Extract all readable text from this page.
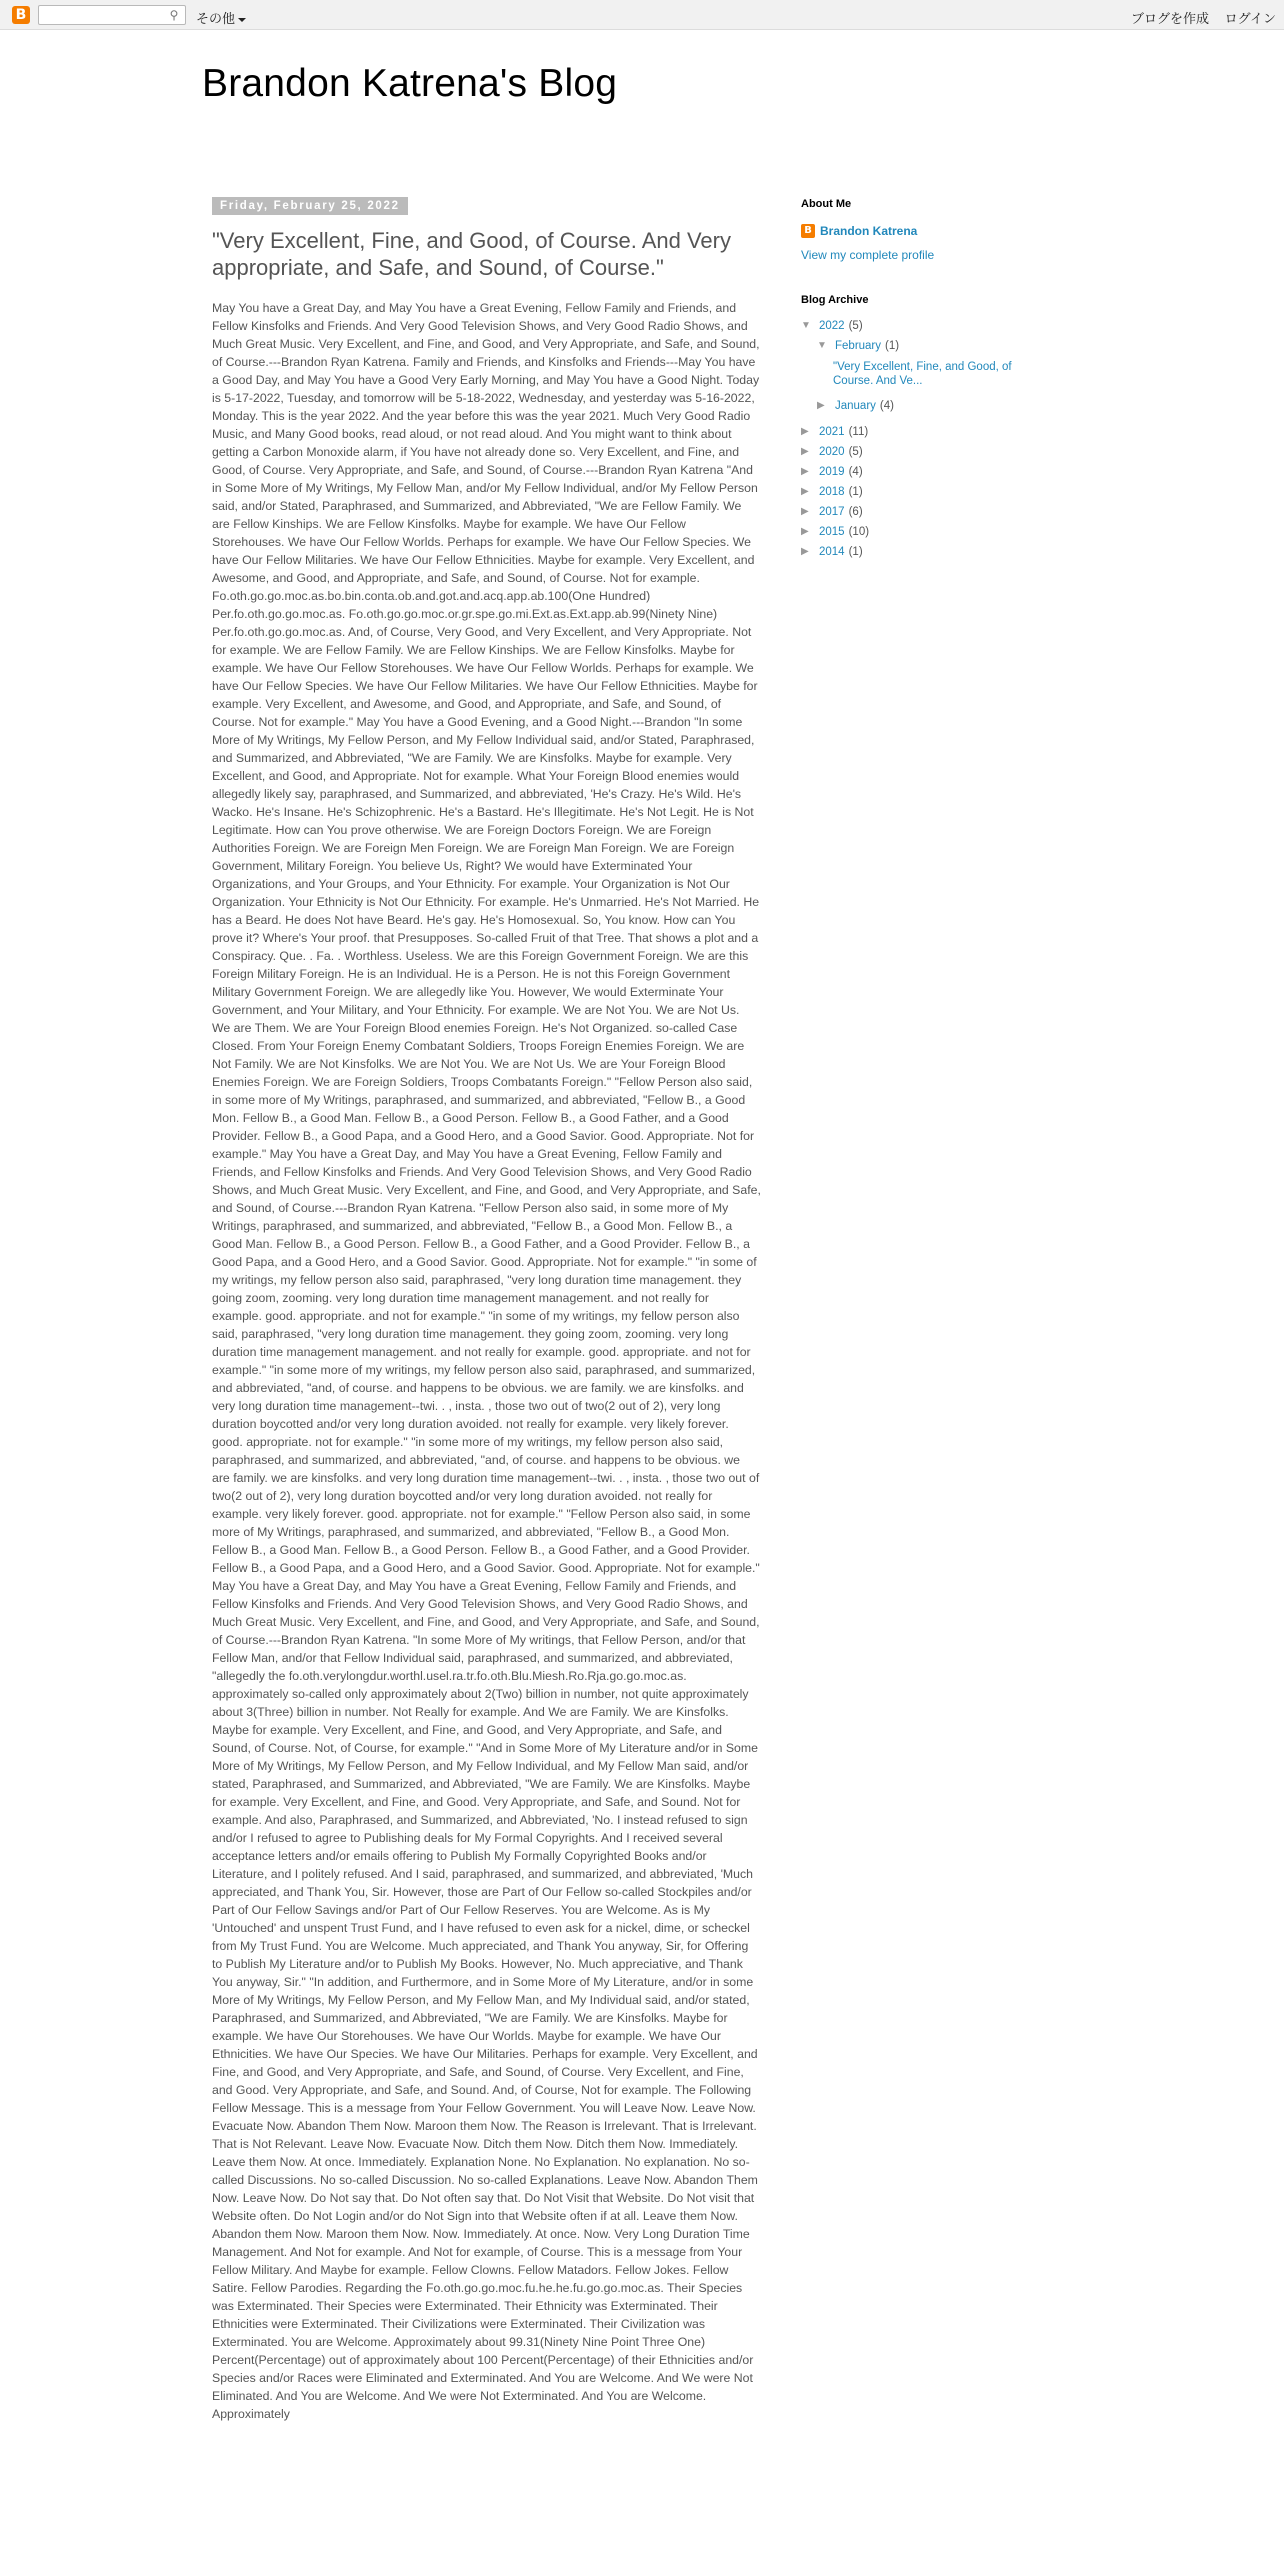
B	⚲	その他	ブログを作成 ログイン
Brandon Katrena's Blog
Friday, February 25, 2022
"Very Excellent, Fine, and Good, of Course. And Very appropriate, and Safe, and Sound, of Course."
May You have a Great Day, and May You have a Great Evening, Fellow Family and Friends, and Fellow Kinsfolks and Friends. And Very Good Television Shows, and Very Good Radio Shows, and Much Great Music. Very Excellent, and Fine, and Good, and Very Appropriate, and Safe, and Sound, of Course.---Brandon Ryan Katrena. Family and Friends, and Kinsfolks and Friends---May You have a Good Day, and May You have a Good Very Early Morning, and May You have a Good Night. Today is 5-17-2022, Tuesday, and tomorrow will be 5-18-2022, Wednesday, and yesterday was 5-16-2022, Monday. This is the year 2022. And the year before this was the year 2021. Much Very Good Radio Music, and Many Good books, read aloud, or not read aloud. And You might want to think about getting a Carbon Monoxide alarm, if You have not already done so. Very Excellent, and Fine, and Good, of Course. Very Appropriate, and Safe, and Sound, of Course.---Brandon Ryan Katrena "And in Some More of My Writings, My Fellow Man, and/or My Fellow Individual, and/or My Fellow Person said, and/or Stated, Paraphrased, and Summarized, and Abbreviated, "We are Fellow Family. We are Fellow Kinships. We are Fellow Kinsfolks. Maybe for example. We have Our Fellow Storehouses. We have Our Fellow Worlds. Perhaps for example. We have Our Fellow Species. We have Our Fellow Militaries. We have Our Fellow Ethnicities. Maybe for example. Very Excellent, and Awesome, and Good, and Appropriate, and Safe, and Sound, of Course. Not for example. Fo.oth.go.go.moc.as.bo.bin.conta.ob.and.got.and.acq.app.ab.100(One Hundred) Per.fo.oth.go.go.moc.as. Fo.oth.go.go.moc.or.gr.spe.go.mi.Ext.as.Ext.app.ab.99(Ninety Nine) Per.fo.oth.go.go.moc.as. And, of Course, Very Good, and Very Excellent, and Very Appropriate. Not for example. We are Fellow Family. We are Fellow Kinships. We are Fellow Kinsfolks. Maybe for example. We have Our Fellow Storehouses. We have Our Fellow Worlds. Perhaps for example. We have Our Fellow Species. We have Our Fellow Militaries. We have Our Fellow Ethnicities. Maybe for example. Very Excellent, and Awesome, and Good, and Appropriate, and Safe, and Sound, of Course. Not for example." May You have a Good Evening, and a Good Night.---Brandon "In some More of My Writings, My Fellow Person, and My Fellow Individual said, and/or Stated, Paraphrased, and Summarized, and Abbreviated, "We are Family. We are Kinsfolks. Maybe for example. Very Excellent, and Good, and Appropriate. Not for example. What Your Foreign Blood enemies would allegedly likely say, paraphrased, and Summarized, and abbreviated, 'He's Crazy. He's Wild. He's Wacko. He's Insane. He's Schizophrenic. He's a Bastard. He's Illegitimate. He's Not Legit. He is Not Legitimate. How can You prove otherwise. We are Foreign Doctors Foreign. We are Foreign Authorities Foreign. We are Foreign Men Foreign. We are Foreign Man Foreign. We are Foreign Government, Military Foreign. You believe Us, Right? We would have Exterminated Your Organizations, and Your Groups, and Your Ethnicity. For example. Your Organization is Not Our Organization. Your Ethnicity is Not Our Ethnicity. For example. He's Unmarried. He's Not Married. He has a Beard. He does Not have Beard. He's gay. He's Homosexual. So, You know. How can You prove it? Where's Your proof. that Presupposes. So-called Fruit of that Tree. That shows a plot and a Conspiracy. Que. . Fa. . Worthless. Useless. We are this Foreign Government Foreign. We are this Foreign Military Foreign. He is an Individual. He is a Person. He is not this Foreign Government Military Government Foreign. We are allegedly like You. However, We would Exterminate Your Government, and Your Military, and Your Ethnicity. For example. We are Not You. We are Not Us. We are Them. We are Your Foreign Blood enemies Foreign. He's Not Organized. so-called Case Closed. From Your Foreign Enemy Combatant Soldiers, Troops Foreign Enemies Foreign. We are Not Family. We are Not Kinsfolks. We are Not You. We are Not Us. We are Your Foreign Blood Enemies Foreign. We are Foreign Soldiers, Troops Combatants Foreign." "Fellow Person also said, in some more of My Writings, paraphrased, and summarized, and abbreviated, "Fellow B., a Good Mon. Fellow B., a Good Man. Fellow B., a Good Person. Fellow B., a Good Father, and a Good Provider. Fellow B., a Good Papa, and a Good Hero, and a Good Savior. Good. Appropriate. Not for example." May You have a Great Day, and May You have a Great Evening, Fellow Family and Friends, and Fellow Kinsfolks and Friends. And Very Good Television Shows, and Very Good Radio Shows, and Much Great Music. Very Excellent, and Fine, and Good, and Very Appropriate, and Safe, and Sound, of Course.---Brandon Ryan Katrena. "Fellow Person also said, in some more of My Writings, paraphrased, and summarized, and abbreviated, "Fellow B., a Good Mon. Fellow B., a Good Man. Fellow B., a Good Person. Fellow B., a Good Father, and a Good Provider. Fellow B., a Good Papa, and a Good Hero, and a Good Savior. Good. Appropriate. Not for example." "in some of my writings, my fellow person also said, paraphrased, "very long duration time management. they going zoom, zooming. very long duration time management management. and not really for example. good. appropriate. and not for example." "in some of my writings, my fellow person also said, paraphrased, "very long duration time management. they going zoom, zooming. very long duration time management management. and not really for example. good. appropriate. and not for example." "in some more of my writings, my fellow person also said, paraphrased, and summarized, and abbreviated, "and, of course. and happens to be obvious. we are family. we are kinsfolks. and very long duration time management--twi. . , insta. , those two out of two(2 out of 2), very long duration boycotted and/or very long duration avoided. not really for example. very likely forever. good. appropriate. not for example." "in some more of my writings, my fellow person also said, paraphrased, and summarized, and abbreviated, "and, of course. and happens to be obvious. we are family. we are kinsfolks. and very long duration time management--twi. . , insta. , those two out of two(2 out of 2), very long duration boycotted and/or very long duration avoided. not really for example. very likely forever. good. appropriate. not for example." "Fellow Person also said, in some more of My Writings, paraphrased, and summarized, and abbreviated, "Fellow B., a Good Mon. Fellow B., a Good Man. Fellow B., a Good Person. Fellow B., a Good Father, and a Good Provider. Fellow B., a Good Papa, and a Good Hero, and a Good Savior. Good. Appropriate. Not for example." May You have a Great Day, and May You have a Great Evening, Fellow Family and Friends, and Fellow Kinsfolks and Friends. And Very Good Television Shows, and Very Good Radio Shows, and Much Great Music. Very Excellent, and Fine, and Good, and Very Appropriate, and Safe, and Sound, of Course.---Brandon Ryan Katrena. "In some More of My writings, that Fellow Person, and/or that Fellow Man, and/or that Fellow Individual said, paraphrased, and summarized, and abbreviated, "allegedly the fo.oth.verylongdur.worthl.usel.ra.tr.fo.oth.Blu.Miesh.Ro.Rja.go.go.moc.as. approximately so-called only approximately about 2(Two) billion in number, not quite approximately about 3(Three) billion in number. Not Really for example. And We are Family. We are Kinsfolks. Maybe for example. Very Excellent, and Fine, and Good, and Very Appropriate, and Safe, and Sound, of Course. Not, of Course, for example." "And in Some More of My Literature and/or in Some More of My Writings, My Fellow Person, and My Fellow Individual, and My Fellow Man said, and/or stated, Paraphrased, and Summarized, and Abbreviated, "We are Family. We are Kinsfolks. Maybe for example. Very Excellent, and Fine, and Good. Very Appropriate, and Safe, and Sound. Not for example. And also, Paraphrased, and Summarized, and Abbreviated, 'No. I instead refused to sign and/or I refused to agree to Publishing deals for My Formal Copyrights. And I received several acceptance letters and/or emails offering to Publish My Formally Copyrighted Books and/or Literature, and I politely refused. And I said, paraphrased, and summarized, and abbreviated, 'Much appreciated, and Thank You, Sir. However, those are Part of Our Fellow so-called Stockpiles and/or Part of Our Fellow Savings and/or Part of Our Fellow Reserves. You are Welcome. As is My 'Untouched' and unspent Trust Fund, and I have refused to even ask for a nickel, dime, or scheckel from My Trust Fund. You are Welcome. Much appreciated, and Thank You anyway, Sir, for Offering to Publish My Literature and/or to Publish My Books. However, No. Much appreciative, and Thank You anyway, Sir." "In addition, and Furthermore, and in Some More of My Literature, and/or in some More of My Writings, My Fellow Person, and My Fellow Man, and My Individual said, and/or stated, Paraphrased, and Summarized, and Abbreviated, "We are Family. We are Kinsfolks. Maybe for example. We have Our Storehouses. We have Our Worlds. Maybe for example. We have Our Ethnicities. We have Our Species. We have Our Militaries. Perhaps for example. Very Excellent, and Fine, and Good, and Very Appropriate, and Safe, and Sound, of Course. Very Excellent, and Fine, and Good. Very Appropriate, and Safe, and Sound. And, of Course, Not for example. The Following Fellow Message. This is a message from Your Fellow Government. You will Leave Now. Leave Now. Evacuate Now. Abandon Them Now. Maroon them Now. The Reason is Irrelevant. That is Irrelevant. That is Not Relevant. Leave Now. Evacuate Now. Ditch them Now. Ditch them Now. Immediately. Leave them Now. At once. Immediately. Explanation None. No Explanation. No explanation. No so-called Discussions. No so-called Discussion. No so-called Explanations. Leave Now. Abandon Them Now. Leave Now. Do Not say that. Do Not often say that. Do Not Visit that Website. Do Not visit that Website often. Do Not Login and/or do Not Sign into that Website often if at all. Leave them Now. Abandon them Now. Maroon them Now. Now. Immediately. At once. Now. Very Long Duration Time Management. And Not for example. And Not for example, of Course. This is a message from Your Fellow Military. And Maybe for example. Fellow Clowns. Fellow Matadors. Fellow Jokes. Fellow Satire. Fellow Parodies. Regarding the Fo.oth.go.go.moc.fu.he.he.fu.go.go.moc.as. Their Species was Exterminated. Their Species were Exterminated. Their Ethnicity was Exterminated. Their Ethnicities were Exterminated. Their Civilizations were Exterminated. Their Civilization was Exterminated. You are Welcome. Approximately about 99.31(Ninety Nine Point Three One) Percent(Percentage) out of approximately about 100 Percent(Percentage) of their Ethnicities and/or Species and/or Races were Eliminated and Exterminated. And You are Welcome. And We were Not Eliminated. And You are Welcome. And We were Not Exterminated. And You are Welcome. Approximately
About Me
B Brandon Katrena
View my complete profile
Blog Archive
▼ 2022 (5)
▼ February (1)
"Very Excellent, Fine, and Good, of Course. And Ve...
▶ January (4)
▶ 2021 (11)
▶ 2020 (5)
▶ 2019 (4)
▶ 2018 (1)
▶ 2017 (6)
▶ 2015 (10)
▶ 2014 (1)
